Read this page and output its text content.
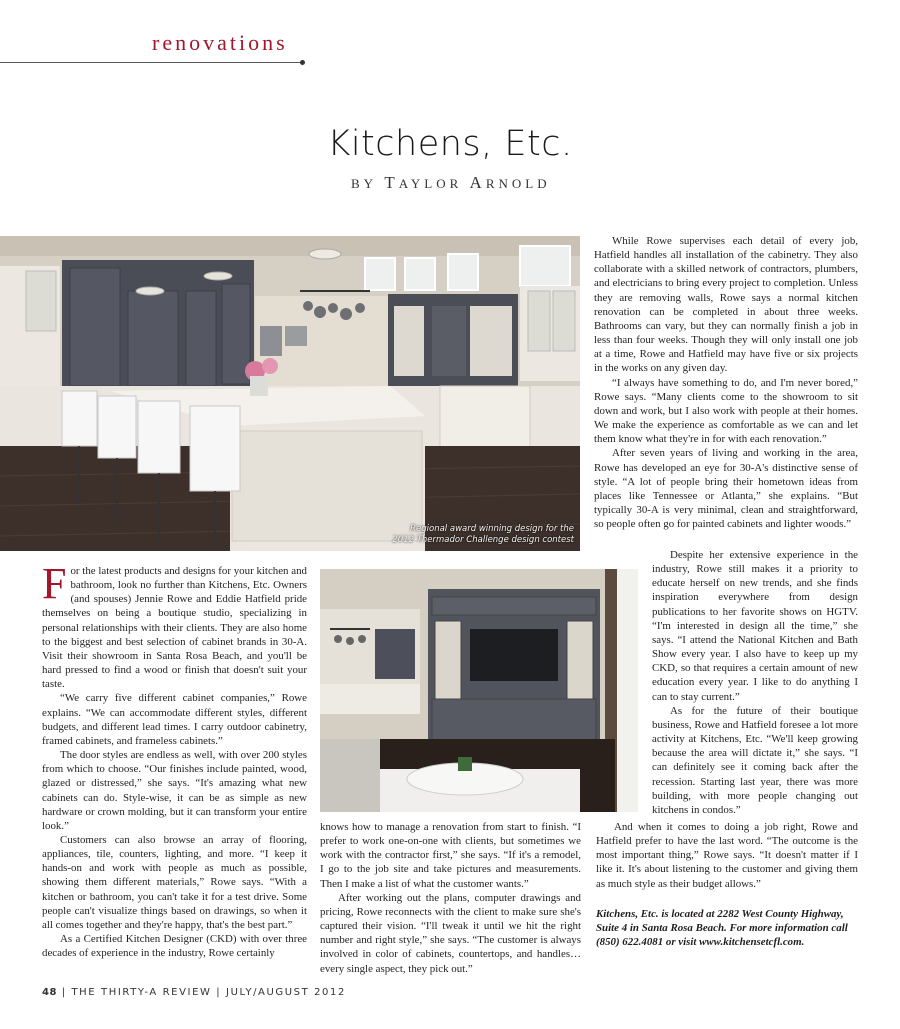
renovations
Kitchens, Etc.
BY TAYLOR ARNOLD
Regional award winning design for the
2012 Thermador Challenge design contest

For the latest products and designs for your kitchen and bathroom, look no further than Kitchens, Etc. Owners (and spouses) Jennie Rowe and Eddie Hatfield pride themselves on being a boutique studio, specializing in personal relationships with their clients. They are also home to the biggest and best selection of cabinet brands in 30-A. Visit their showroom in Santa Rosa Beach, and you'll be hard pressed to find a wood or finish that doesn't suit your taste.

“We carry five different cabinet companies,” Rowe explains. “We can accommodate different styles, different budgets, and different lead times. I carry outdoor cabinetry, framed cabinets, and frameless cabinets.”

The door styles are endless as well, with over 200 styles from which to choose. “Our finishes include painted, wood, glazed or distressed,” she says. “It's amazing what new cabinets can do. Style-wise, it can be as simple as new hardware or crown molding, but it can transform your entire look.”

Customers can also browse an array of flooring, appliances, tile, counters, lighting, and more. “I keep it hands-on and work with people as much as possible, showing them different materials,” Rowe says. “With a kitchen or bathroom, you can't take it for a test drive. Some people can't visualize things based on drawings, so when it all comes together and they're happy, that's the best part.”

As a Certified Kitchen Designer (CKD) with over three decades of experience in the industry, Rowe certainly

knows how to manage a renovation from start to finish. “I prefer to work one-on-one with clients, but sometimes we work with the contractor first,” she says. “If it's a remodel, I go to the job site and take pictures and measurements. Then I make a list of what the customer wants.”

After working out the plans, computer drawings and pricing, Rowe reconnects with the client to make sure she's captured their vision. “I'll tweak it until we hit the right number and right style,” she says. “The customer is always involved in color of cabinets, countertops, and handles…every single aspect, they pick out.”

While Rowe supervises each detail of every job, Hatfield handles all installation of the cabinetry. They also collaborate with a skilled network of contractors, plumbers, and electricians to bring every project to completion. Unless they are removing walls, Rowe says a normal kitchen renovation can be completed in about three weeks. Bathrooms can vary, but they can normally finish a job in less than four weeks. Though they will only install one job at a time, Rowe and Hatfield may have five or six projects in the works on any given day.

“I always have something to do, and I'm never bored,” Rowe says. “Many clients come to the showroom to sit down and work, but I also work with people at their homes. We make the experience as comfortable as we can and let them know what they're in for with each renovation.”

After seven years of living and working in the area, Rowe has developed an eye for 30-A's distinctive sense of style. “A lot of people bring their hometown ideas from places like Tennessee or Atlanta,” she explains. “But typically 30-A is very minimal, clean and straightforward, so people often go for painted cabinets and lighter woods.”

Despite her extensive experience in the industry, Rowe still makes it a priority to educate herself on new trends, and she finds inspiration everywhere from design publications to her favorite shows on HGTV. “I'm interested in design all the time,” she says. “I attend the National Kitchen and Bath Show every year. I also have to keep up my CKD, so that requires a certain amount of new education every year. I like to do anything I can to stay current.”

As for the future of their boutique business, Rowe and Hatfield foresee a lot more activity at Kitchens, Etc. “We'll keep growing because the area will dictate it,” she says. “I can definitely see it coming back after the recession. Starting last year, there was more building, with more people changing out kitchens in condos.”

And when it comes to doing a job right, Rowe and Hatfield prefer to have the last word. “The outcome is the most important thing,” Rowe says. “It doesn't matter if I like it. It's about listening to the customer and giving them as much style as their budget allows.”

Kitchens, Etc. is located at 2282 West County Highway, Suite 4 in Santa Rosa Beach. For more information call (850) 622.4081 or visit www.kitchensetcfl.com.
48 | THE THIRTY-A REVIEW | JULY/AUGUST 2012
